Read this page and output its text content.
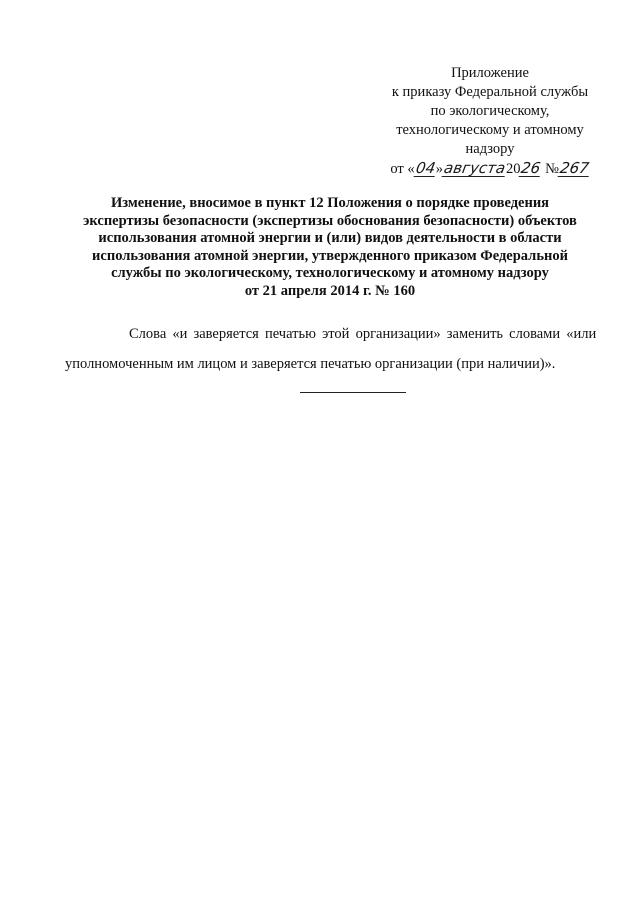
Приложение
к приказу Федеральной службы
по экологическому,
технологическому и атомному
надзору
от «04»августа2026 №267
Изменение, вносимое в пункт 12 Положения о порядке проведения
экспертизы безопасности (экспертизы обоснования безопасности) объектов
использования атомной энергии и (или) видов деятельности в области
использования атомной энергии, утвержденного приказом Федеральной
службы по экологическому, технологическому и атомному надзору
от 21 апреля 2014 г. № 160
Слова «и заверяется печатью этой организации» заменить словами «или
уполномоченным им лицом и заверяется печатью организации (при наличии)».
